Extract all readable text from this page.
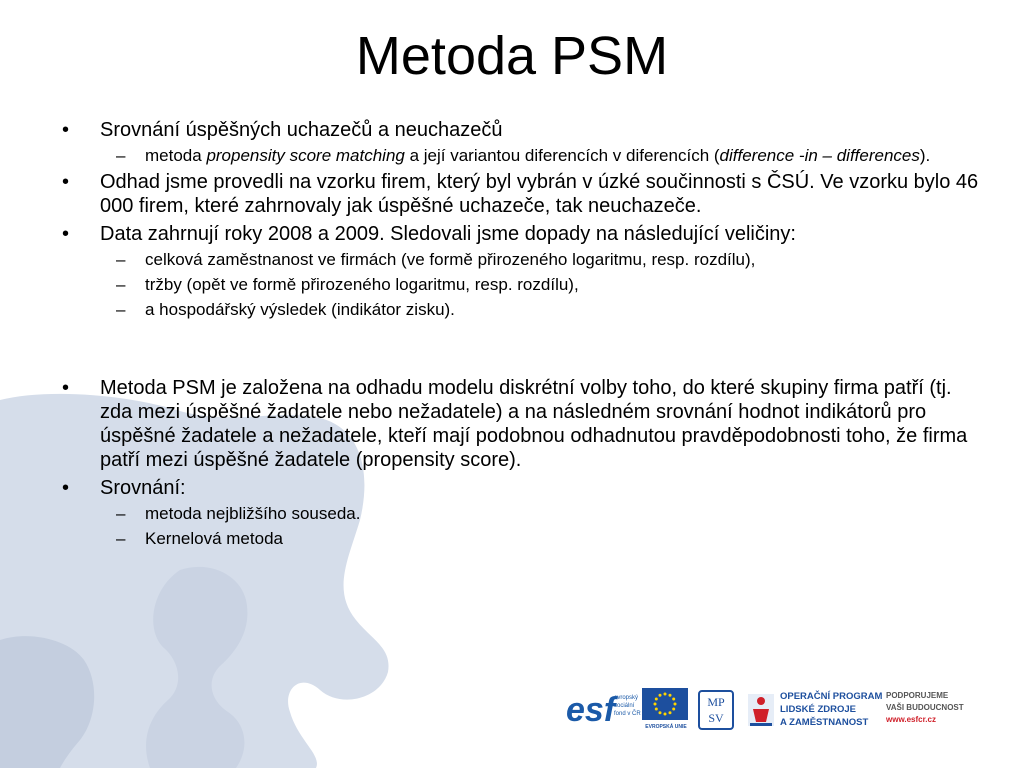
Metoda PSM
• Srovnání úspěšných uchazečů a neuchazečů
– metoda propensity score matching a její variantou diferencích v diferencích (difference -in – differences).
• Odhad jsme provedli na vzorku firem, který byl vybrán v úzké součinnosti s ČSÚ. Ve vzorku bylo 46 000 firem, které zahrnovaly jak úspěšné uchazeče, tak neuchazeče.
• Data zahrnují roky 2008 a 2009. Sledovali jsme dopady na následující veličiny:
– celková zaměstnanost ve firmách (ve formě přirozeného logaritmu, resp. rozdílu),
– tržby (opět ve formě přirozeného logaritmu, resp. rozdílu),
– a hospodářský výsledek (indikátor zisku).
• Metoda PSM je založena na odhadu modelu diskrétní volby toho, do které skupiny firma patří (tj. zda mezi úspěšné žadatele nebo nežadatele) a na následném srovnání hodnot indikátorů pro úspěšné žadatele a nežadatele, kteří mají podobnou odhadnutou pravděpodobnosti toho, že firma patří mezi úspěšné žadatele (propensity score).
• Srovnání:
– metoda nejbližšího souseda.
– Kernelová metoda
esf
evropský
sociální
fond v ČR
EVROPSKÁ UNIE
MP
SV
OPERAČNÍ PROGRAM
LIDSKÉ ZDROJE
A ZAMĚSTNANOST
PODPORUJEME
VAŠI BUDOUCNOST
www.esfcr.cz
